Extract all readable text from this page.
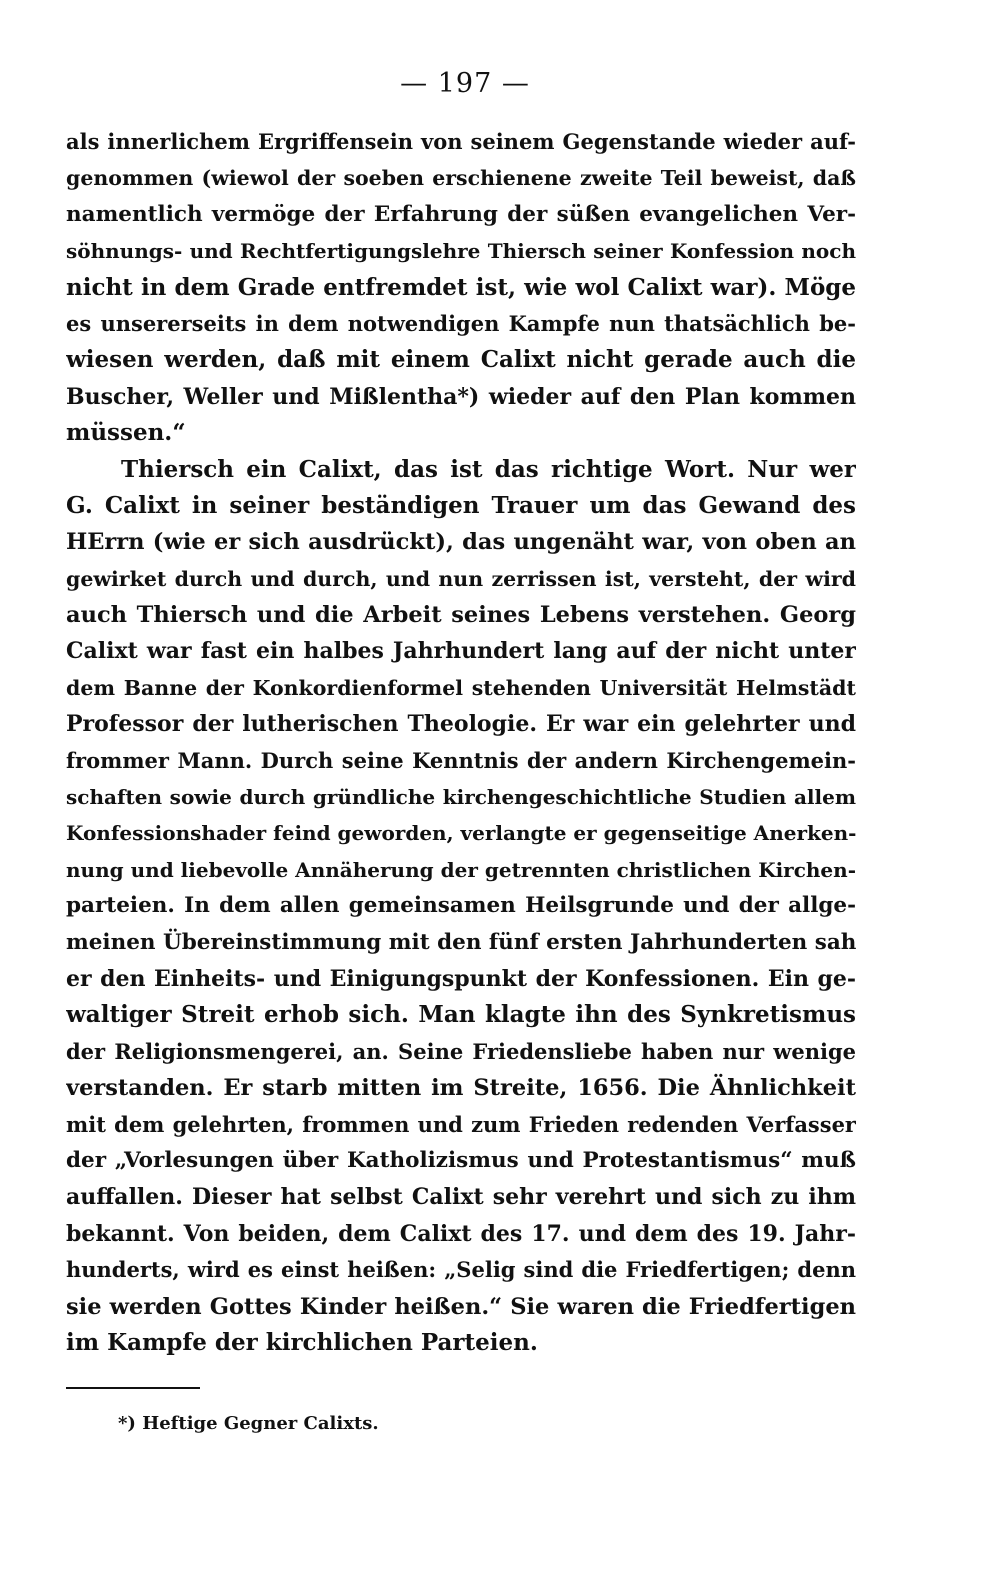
— 197 —
als innerlichem Ergriffensein von seinem Gegenstande wieder auf-
genommen (wiewol der soeben erschienene zweite Teil beweist, daß
namentlich vermöge der Erfahrung der süßen evangelichen Ver-
söhnungs- und Rechtfertigungslehre Thiersch seiner Konfession noch
nicht in dem Grade entfremdet ist, wie wol Calixt war). Möge
es unsererseits in dem notwendigen Kampfe nun thatsächlich be-
wiesen werden, daß mit einem Calixt nicht gerade auch die
Buscher, Weller und Mißlentha*) wieder auf den Plan kommen
müssen.“
Thiersch ein Calixt, das ist das richtige Wort. Nur wer
G. Calixt in seiner beständigen Trauer um das Gewand des
HErrn (wie er sich ausdrückt), das ungenäht war, von oben an
gewirket durch und durch, und nun zerrissen ist, versteht, der wird
auch Thiersch und die Arbeit seines Lebens verstehen. Georg
Calixt war fast ein halbes Jahrhundert lang auf der nicht unter
dem Banne der Konkordienformel stehenden Universität Helmstädt
Professor der lutherischen Theologie. Er war ein gelehrter und
frommer Mann. Durch seine Kenntnis der andern Kirchengemein-
schaften sowie durch gründliche kirchengeschichtliche Studien allem
Konfessionshader feind geworden, verlangte er gegenseitige Anerken-
nung und liebevolle Annäherung der getrennten christlichen Kirchen-
parteien. In dem allen gemeinsamen Heilsgrunde und der allge-
meinen Übereinstimmung mit den fünf ersten Jahrhunderten sah
er den Einheits- und Einigungspunkt der Konfessionen. Ein ge-
waltiger Streit erhob sich. Man klagte ihn des Synkretismus
der Religionsmengerei, an. Seine Friedensliebe haben nur wenige
verstanden. Er starb mitten im Streite, 1656. Die Ähnlichkeit
mit dem gelehrten, frommen und zum Frieden redenden Verfasser
der „Vorlesungen über Katholizismus und Protestantismus“ muß
auffallen. Dieser hat selbst Calixt sehr verehrt und sich zu ihm
bekannt. Von beiden, dem Calixt des 17. und dem des 19. Jahr-
hunderts, wird es einst heißen: „Selig sind die Friedfertigen; denn
sie werden Gottes Kinder heißen.“ Sie waren die Friedfertigen
im Kampfe der kirchlichen Parteien.
*) Heftige Gegner Calixts.
